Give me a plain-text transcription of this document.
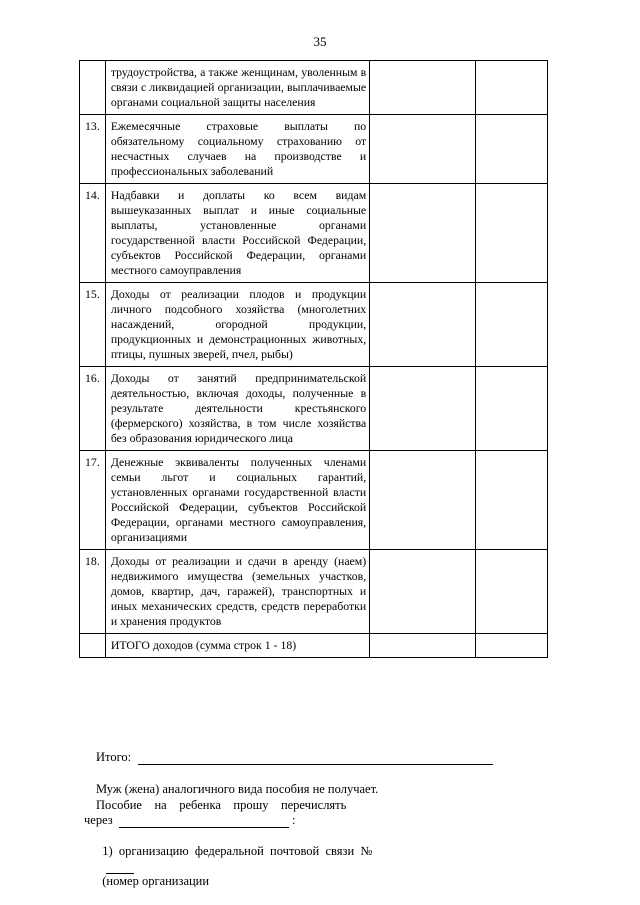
35
	трудоустройства, а также женщинам, уволенным в связи с ликвидацией организации, выплачиваемые органами социальной защиты населения		
13.	Ежемесячные страховые выплаты по обязательному социальному страхованию от несчастных случаев на производстве и профессиональных заболеваний		
14.	Надбавки и доплаты ко всем видам вышеуказанных выплат и иные социальные выплаты, установленные органами государственной власти Российской Федерации, субъектов Российской Федерации, органами местного самоуправления		
15.	Доходы от реализации плодов и продукции личного подсобного хозяйства (многолетних насаждений, огородной продукции, продукционных и демонстрационных животных, птицы, пушных зверей, пчел, рыбы)		
16.	Доходы от занятий предпринимательской деятельностью, включая доходы, полученные в результате деятельности крестьянского (фермерского) хозяйства, в том числе хозяйства без образования юридического лица		
17.	Денежные эквиваленты полученных членами семьи льгот и социальных гарантий, установленных органами государственной власти Российской Федерации, субъектов Российской Федерации, органами местного самоуправления, организациями		
18.	Доходы от реализации и сдачи в аренду (наем) недвижимого имущества (земельных участков, домов, квартир, дач, гаражей), транспортных и иных механических средств, средств переработки и хранения продуктов		
	ИТОГО доходов (сумма строк 1 - 18)		
Итого:
Муж (жена) аналогичного вида пособия не получает.
Пособие    на    ребенка    прошу    перечислять
через	:

1)  организацию  федеральной  почтовой  связи  №

(номер организации
